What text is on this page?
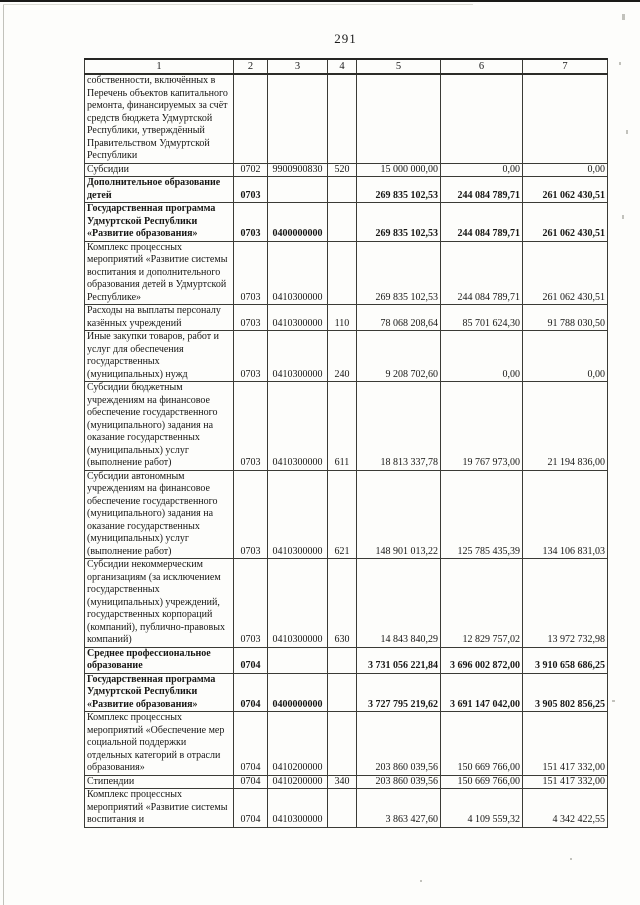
291
1	2	3	4	5	6	7
собственности, включённых в Перечень объектов капитального ремонта, финансируемых за счёт средств бюджета Удмуртской Республики, утверждённый Правительством Удмуртской Республики						
Субсидии	0702	9900900830	520	15 000 000,00	0,00	0,00
Дополнительное образование детей	0703			269 835 102,53	244 084 789,71	261 062 430,51
Государственная программа Удмуртской Республики «Развитие образования»	0703	0400000000		269 835 102,53	244 084 789,71	261 062 430,51
Комплекс процессных мероприятий «Развитие системы воспитания и дополнительного образования детей в Удмуртской Республике»	0703	0410300000		269 835 102,53	244 084 789,71	261 062 430,51
Расходы на выплаты персоналу казённых учреждений	0703	0410300000	110	78 068 208,64	85 701 624,30	91 788 030,50
Иные закупки товаров, работ и услуг для обеспечения государственных (муниципальных) нужд	0703	0410300000	240	9 208 702,60	0,00	0,00
Субсидии бюджетным учреждениям на финансовое обеспечение государственного (муниципального) задания на оказание государственных (муниципальных) услуг (выполнение работ)	0703	0410300000	611	18 813 337,78	19 767 973,00	21 194 836,00
Субсидии автономным учреждениям на финансовое обеспечение государственного (муниципального) задания на оказание государственных (муниципальных) услуг (выполнение работ)	0703	0410300000	621	148 901 013,22	125 785 435,39	134 106 831,03
Субсидии некоммерческим организациям (за исключением государственных (муниципальных) учреждений, государственных корпораций (компаний), публично-правовых компаний)	0703	0410300000	630	14 843 840,29	12 829 757,02	13 972 732,98
Среднее профессиональное образование	0704			3 731 056 221,84	3 696 002 872,00	3 910 658 686,25
Государственная программа Удмуртской Республики «Развитие образования»	0704	0400000000		3 727 795 219,62	3 691 147 042,00	3 905 802 856,25
Комплекс процессных мероприятий «Обеспечение мер социальной поддержки отдельных категорий в отрасли образования»	0704	0410200000		203 860 039,56	150 669 766,00	151 417 332,00
Стипендии	0704	0410200000	340	203 860 039,56	150 669 766,00	151 417 332,00
Комплекс процессных мероприятий «Развитие системы воспитания и	0704	0410300000		3 863 427,60	4 109 559,32	4 342 422,55
